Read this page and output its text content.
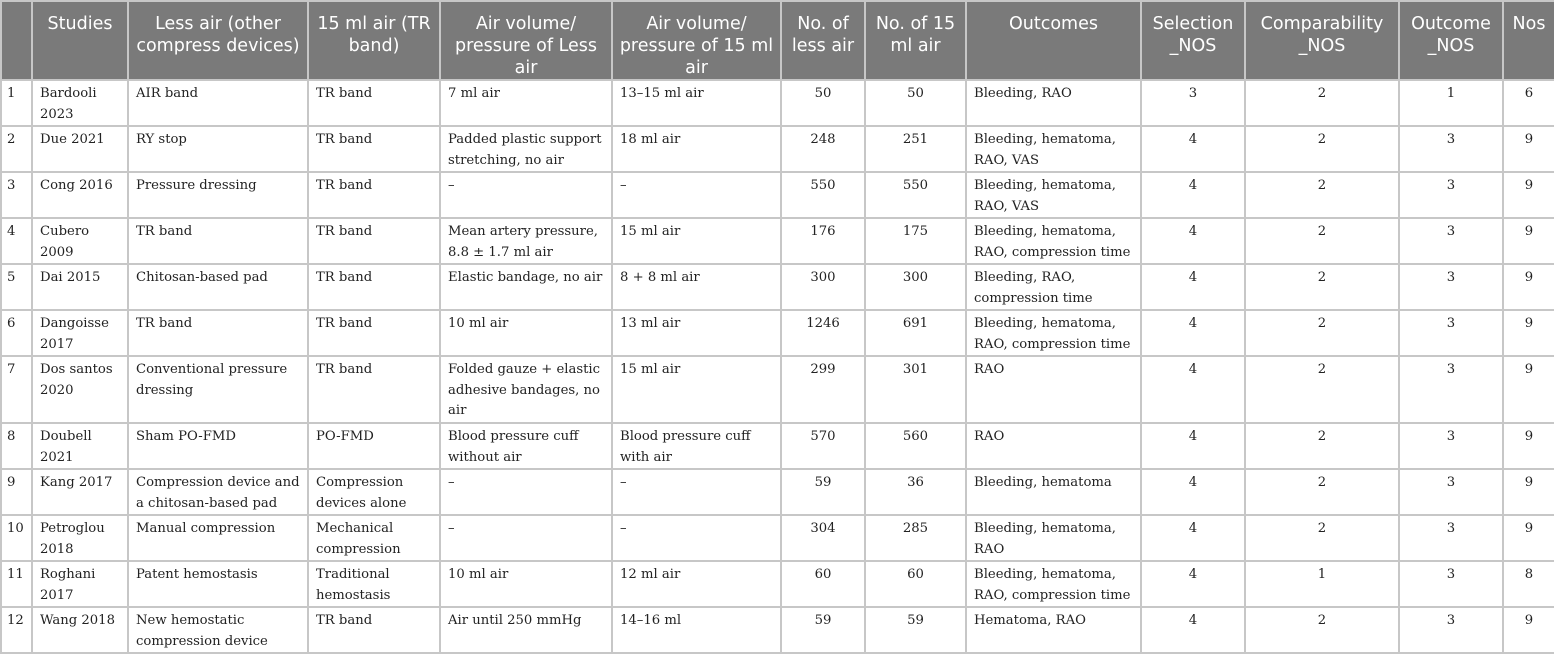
	Studies	Less air (other compress devices)	15 ml air (TR band)	Air volume/ pressure of Less air	Air volume/ pressure of 15 ml air	No. of less air	No. of 15 ml air	Outcomes	Selection _NOS	Comparability _NOS	Outcome _NOS	Nos
1	Bardooli 2023	AIR band	TR band	7 ml air	13–15 ml air	50	50	Bleeding, RAO	3	2	1	6
2	Due 2021	RY stop	TR band	Padded plastic support stretching, no air	18 ml air	248	251	Bleeding, hematoma, RAO, VAS	4	2	3	9
3	Cong 2016	Pressure dressing	TR band	–	–	550	550	Bleeding, hematoma, RAO, VAS	4	2	3	9
4	Cubero 2009	TR band	TR band	Mean artery pressure, 8.8 ± 1.7 ml air	15 ml air	176	175	Bleeding, hematoma, RAO, compression time	4	2	3	9
5	Dai 2015	Chitosan-based pad	TR band	Elastic bandage, no air	8 + 8 ml air	300	300	Bleeding, RAO, compression time	4	2	3	9
6	Dangoisse 2017	TR band	TR band	10 ml air	13 ml air	1246	691	Bleeding, hematoma, RAO, compression time	4	2	3	9
7	Dos santos 2020	Conventional pressure dressing	TR band	Folded gauze + elastic adhesive bandages, no air	15 ml air	299	301	RAO	4	2	3	9
8	Doubell 2021	Sham PO-FMD	PO-FMD	Blood pressure cuff without air	Blood pressure cuff with air	570	560	RAO	4	2	3	9
9	Kang 2017	Compression device and a chitosan-based pad	Compression devices alone	–	–	59	36	Bleeding, hematoma	4	2	3	9
10	Petroglou 2018	Manual compression	Mechanical compression	–	–	304	285	Bleeding, hematoma, RAO	4	2	3	9
11	Roghani 2017	Patent hemostasis	Traditional hemostasis	10 ml air	12 ml air	60	60	Bleeding, hematoma, RAO, compression time	4	1	3	8
12	Wang 2018	New hemostatic compression device	TR band	Air until 250 mmHg	14–16 ml	59	59	Hematoma, RAO	4	2	3	9
